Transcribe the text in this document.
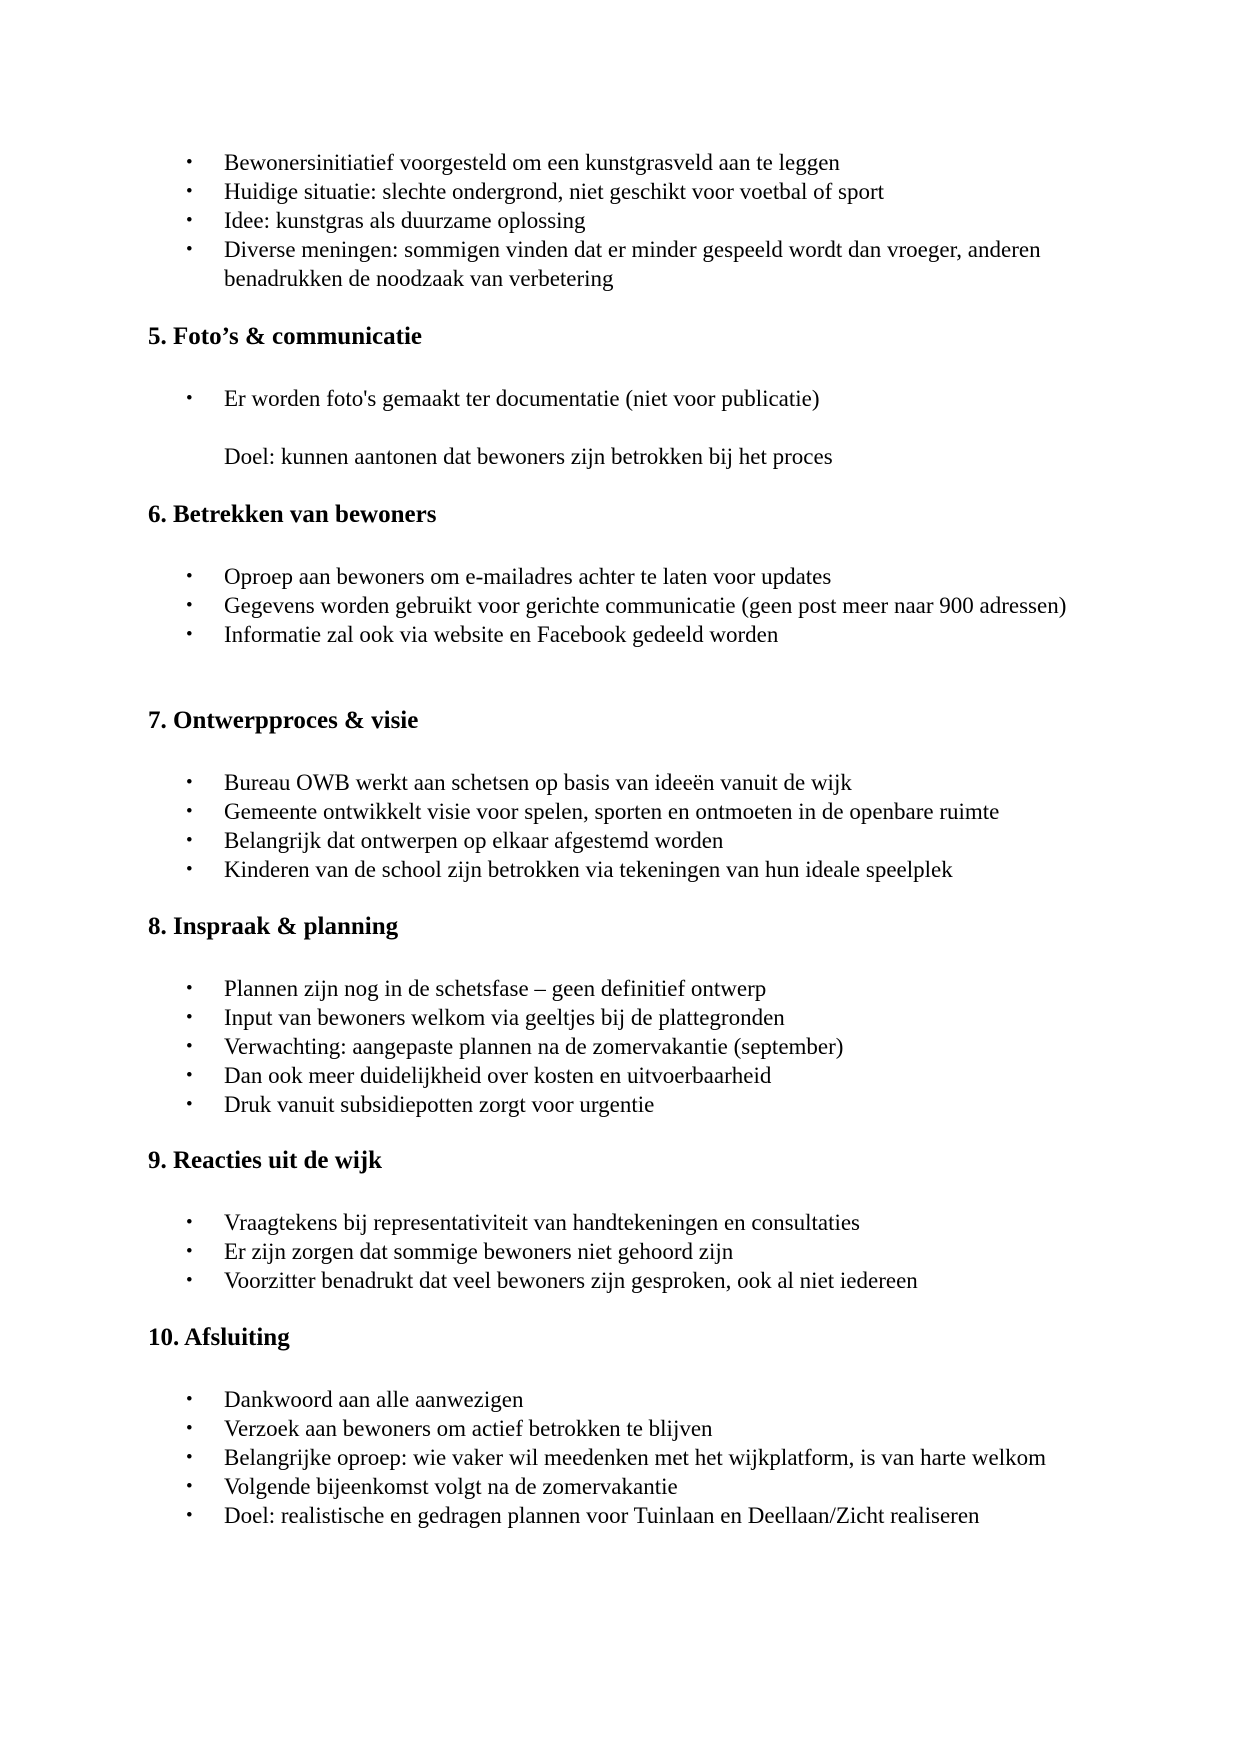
• Bewonersinitiatief voorgesteld om een kunstgrasveld aan te leggen
• Huidige situatie: slechte ondergrond, niet geschikt voor voetbal of sport
• Idee: kunstgras als duurzame oplossing
• Diverse meningen: sommigen vinden dat er minder gespeeld wordt dan vroeger, anderen benadrukken de noodzaak van verbetering
5. Foto’s & communicatie
• Er worden foto's gemaakt ter documentatie (niet voor publicatie)
Doel: kunnen aantonen dat bewoners zijn betrokken bij het proces
6. Betrekken van bewoners
• Oproep aan bewoners om e-mailadres achter te laten voor updates
• Gegevens worden gebruikt voor gerichte communicatie (geen post meer naar 900 adressen)
• Informatie zal ook via website en Facebook gedeeld worden
7. Ontwerpproces & visie
• Bureau OWB werkt aan schetsen op basis van ideeën vanuit de wijk
• Gemeente ontwikkelt visie voor spelen, sporten en ontmoeten in de openbare ruimte
• Belangrijk dat ontwerpen op elkaar afgestemd worden
• Kinderen van de school zijn betrokken via tekeningen van hun ideale speelplek
8. Inspraak & planning
• Plannen zijn nog in de schetsfase – geen definitief ontwerp
• Input van bewoners welkom via geeltjes bij de plattegronden
• Verwachting: aangepaste plannen na de zomervakantie (september)
• Dan ook meer duidelijkheid over kosten en uitvoerbaarheid
• Druk vanuit subsidiepotten zorgt voor urgentie
9. Reacties uit de wijk
• Vraagtekens bij representativiteit van handtekeningen en consultaties
• Er zijn zorgen dat sommige bewoners niet gehoord zijn
• Voorzitter benadrukt dat veel bewoners zijn gesproken, ook al niet iedereen
10. Afsluiting
• Dankwoord aan alle aanwezigen
• Verzoek aan bewoners om actief betrokken te blijven
• Belangrijke oproep: wie vaker wil meedenken met het wijkplatform, is van harte welkom
• Volgende bijeenkomst volgt na de zomervakantie
• Doel: realistische en gedragen plannen voor Tuinlaan en Deellaan/Zicht realiseren
